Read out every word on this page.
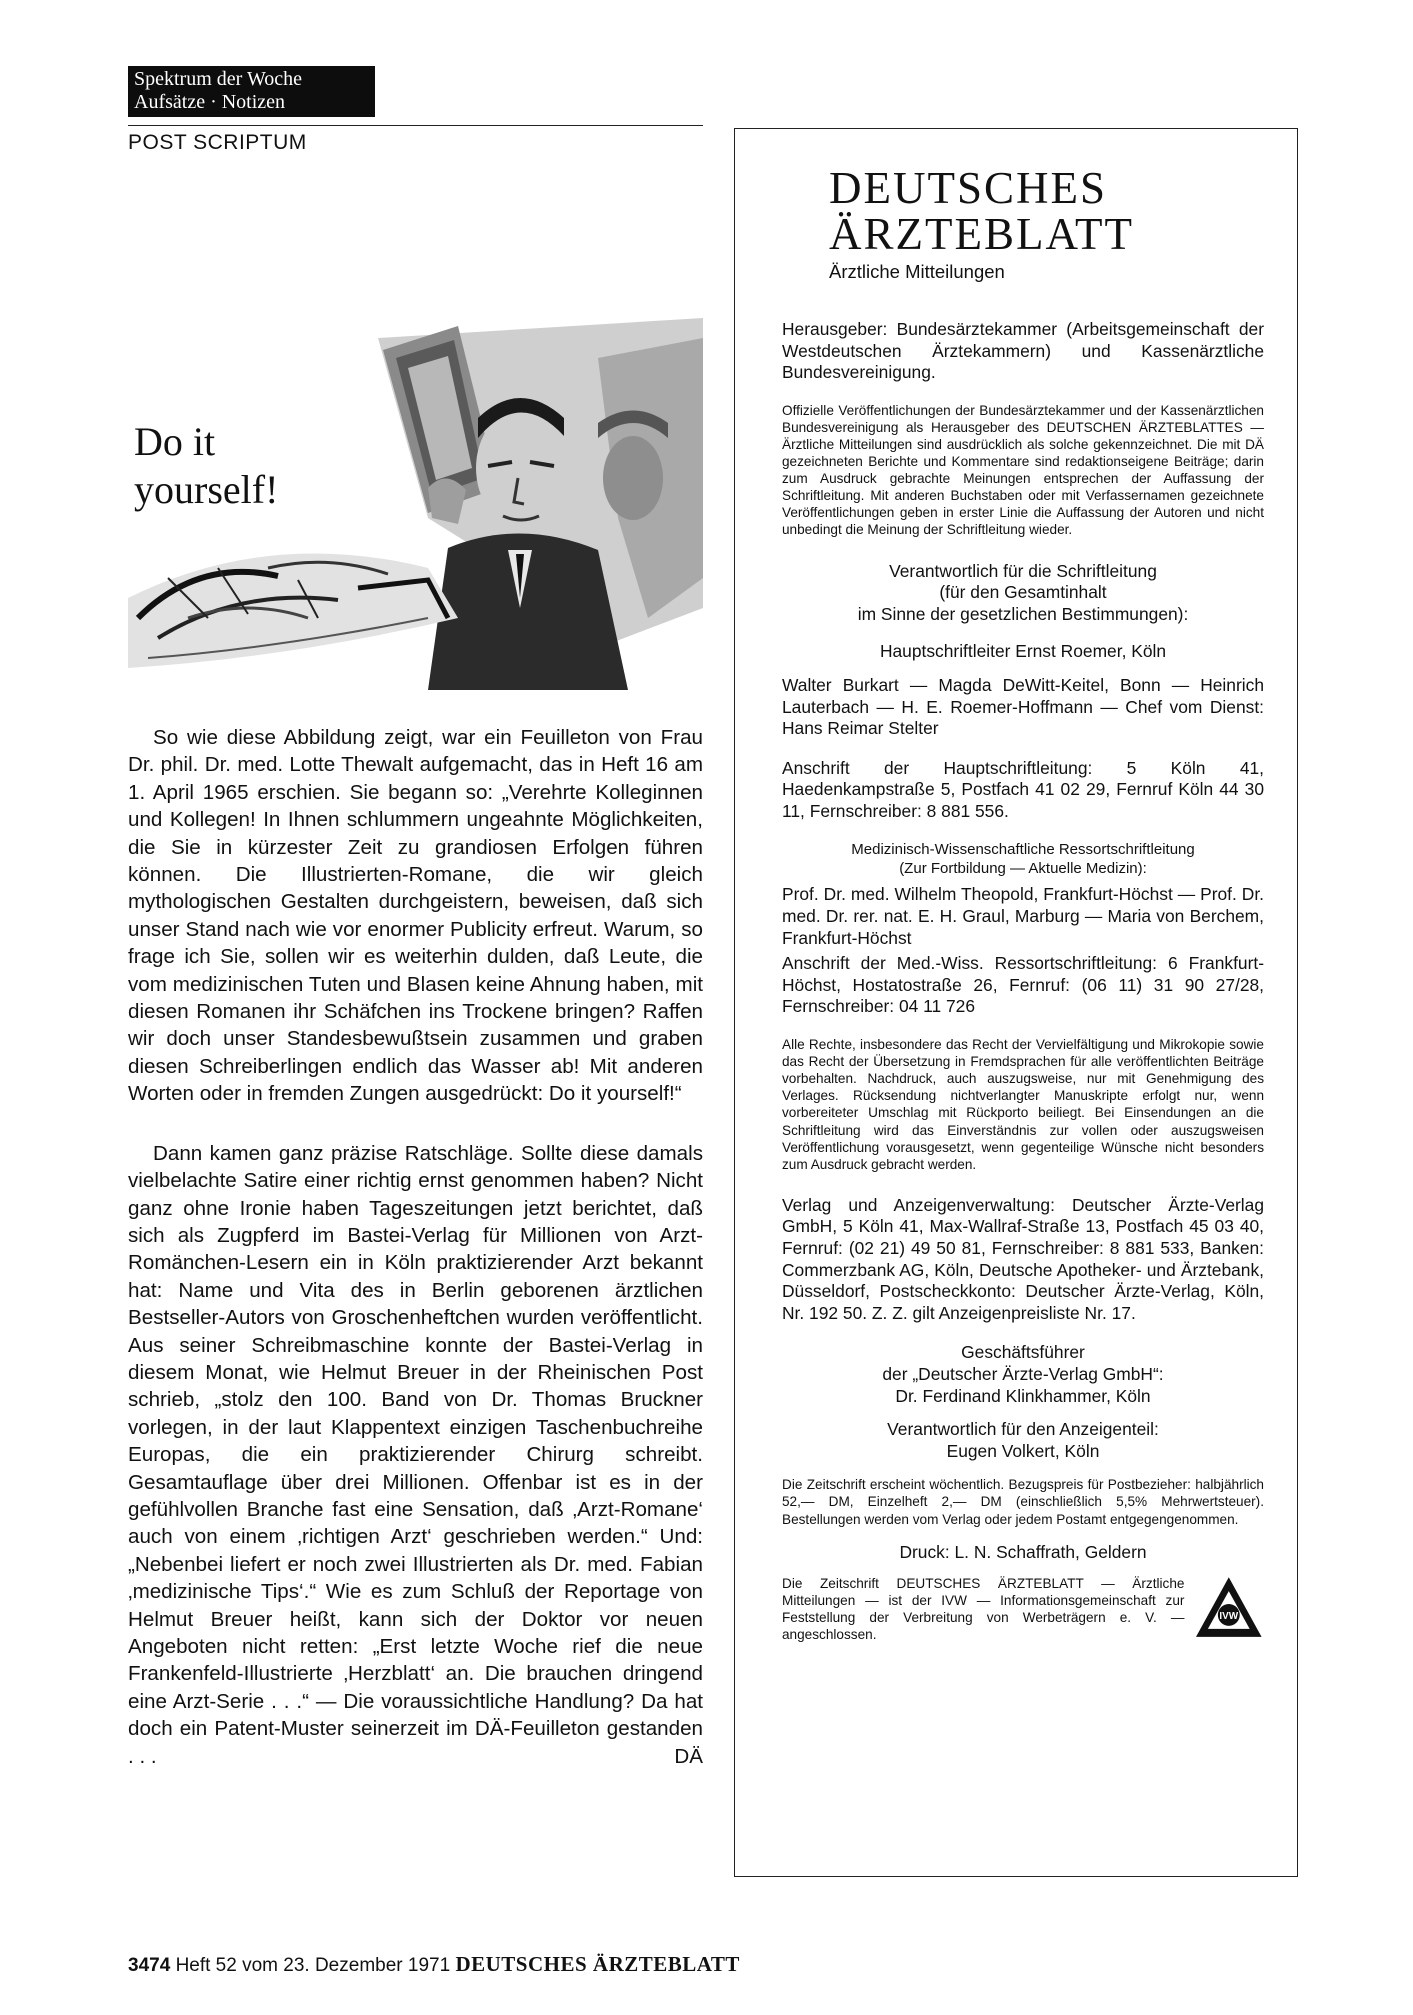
Spektrum der Woche
Aufsätze · Notizen
POST SCRIPTUM
Do it
yourself!

So wie diese Abbildung zeigt, war ein Feuilleton von Frau Dr. phil. Dr. med. Lotte Thewalt aufgemacht, das in Heft 16 am 1. April 1965 erschien. Sie begann so: „Verehrte Kolleginnen und Kollegen! In Ihnen schlummern ungeahnte Möglichkeiten, die Sie in kürzester Zeit zu grandiosen Erfolgen führen können. Die Illustrierten-Romane, die wir gleich mythologischen Gestalten durchgeistern, beweisen, daß sich unser Stand nach wie vor enormer Publicity erfreut. Warum, so frage ich Sie, sollen wir es weiterhin dulden, daß Leute, die vom medizinischen Tuten und Blasen keine Ahnung haben, mit diesen Romanen ihr Schäfchen ins Trockene bringen? Raffen wir doch unser Standesbewußtsein zusammen und graben diesen Schreiberlingen endlich das Wasser ab! Mit anderen Worten oder in fremden Zungen ausgedrückt: Do it yourself!“

Dann kamen ganz präzise Ratschläge. Sollte diese damals vielbelachte Satire einer richtig ernst genommen haben? Nicht ganz ohne Ironie haben Tageszeitungen jetzt berichtet, daß sich als Zugpferd im Bastei-Verlag für Millionen von Arzt-Romänchen-Lesern ein in Köln praktizierender Arzt bekannt hat: Name und Vita des in Berlin geborenen ärztlichen Bestseller-Autors von Groschenheftchen wurden veröffentlicht. Aus seiner Schreibmaschine konnte der Bastei-Verlag in diesem Monat, wie Helmut Breuer in der Rheinischen Post schrieb, „stolz den 100. Band von Dr. Thomas Bruckner vorlegen, in der laut Klappentext einzigen Taschenbuchreihe Europas, die ein praktizierender Chirurg schreibt. Gesamtauflage über drei Millionen. Offenbar ist es in der gefühlvollen Branche fast eine Sensation, daß ‚Arzt-Romane‘ auch von einem ‚richtigen Arzt‘ geschrieben werden.“ Und: „Nebenbei liefert er noch zwei Illustrierten als Dr. med. Fabian ‚medizinische Tips‘.“ Wie es zum Schluß der Reportage von Helmut Breuer heißt, kann sich der Doktor vor neuen Angeboten nicht retten: „Erst letzte Woche rief die neue Frankenfeld-Illustrierte ‚Herzblatt‘ an. Die brauchen dringend eine Arzt-Serie . . .“ — Die voraussichtliche Handlung? Da hat doch ein Patent-Muster seinerzeit im DÄ-Feuilleton gestanden . . .	DÄ

DEUTSCHES
ÄRZTEBLATT
Ärztliche Mitteilungen

Herausgeber: Bundesärztekammer (Arbeitsgemeinschaft der Westdeutschen Ärztekammern) und Kassenärztliche Bundesvereinigung.

Offizielle Veröffentlichungen der Bundesärztekammer und der Kassenärztlichen Bundesvereinigung als Herausgeber des DEUTSCHEN ÄRZTEBLATTES — Ärztliche Mitteilungen sind ausdrücklich als solche gekennzeichnet. Die mit DÄ gezeichneten Berichte und Kommentare sind redaktionseigene Beiträge; darin zum Ausdruck gebrachte Meinungen entsprechen der Auffassung der Schriftleitung. Mit anderen Buchstaben oder mit Verfassernamen gezeichnete Veröffentlichungen geben in erster Linie die Auffassung der Autoren und nicht unbedingt die Meinung der Schriftleitung wieder.

Verantwortlich für die Schriftleitung
(für den Gesamtinhalt
im Sinne der gesetzlichen Bestimmungen):

Hauptschriftleiter Ernst Roemer, Köln

Walter Burkart — Magda DeWitt-Keitel, Bonn — Heinrich Lauterbach — H. E. Roemer-Hoffmann — Chef vom Dienst: Hans Reimar Stelter

Anschrift der Hauptschriftleitung: 5 Köln 41, Haedenkampstraße 5, Postfach 41 02 29, Fernruf Köln 44 30 11, Fernschreiber: 8 881 556.

Medizinisch-Wissenschaftliche Ressortschriftleitung
(Zur Fortbildung — Aktuelle Medizin):

Prof. Dr. med. Wilhelm Theopold, Frankfurt-Höchst — Prof. Dr. med. Dr. rer. nat. E. H. Graul, Marburg — Maria von Berchem, Frankfurt-Höchst

Anschrift der Med.-Wiss. Ressortschriftleitung: 6 Frankfurt-Höchst, Hostatostraße 26, Fernruf: (06 11) 31 90 27/28, Fernschreiber: 04 11 726

Alle Rechte, insbesondere das Recht der Vervielfältigung und Mikrokopie sowie das Recht der Übersetzung in Fremdsprachen für alle veröffentlichten Beiträge vorbehalten. Nachdruck, auch auszugsweise, nur mit Genehmigung des Verlages. Rücksendung nichtverlangter Manuskripte erfolgt nur, wenn vorbereiteter Umschlag mit Rückporto beiliegt. Bei Einsendungen an die Schriftleitung wird das Einverständnis zur vollen oder auszugsweisen Veröffentlichung vorausgesetzt, wenn gegenteilige Wünsche nicht besonders zum Ausdruck gebracht werden.

Verlag und Anzeigenverwaltung: Deutscher Ärzte-Verlag GmbH, 5 Köln 41, Max-Wallraf-Straße 13, Postfach 45 03 40, Fernruf: (02 21) 49 50 81, Fernschreiber: 8 881 533, Banken: Commerzbank AG, Köln, Deutsche Apotheker- und Ärztebank, Düsseldorf, Postscheckkonto: Deutscher Ärzte-Verlag, Köln, Nr. 192 50. Z. Z. gilt Anzeigenpreisliste Nr. 17.

Geschäftsführer
der „Deutscher Ärzte-Verlag GmbH“:
Dr. Ferdinand Klinkhammer, Köln
Verantwortlich für den Anzeigenteil:
Eugen Volkert, Köln

Die Zeitschrift erscheint wöchentlich. Bezugspreis für Postbezieher: halbjährlich 52,— DM, Einzelheft 2,— DM (einschließlich 5,5% Mehrwertsteuer). Bestellungen werden vom Verlag oder jedem Postamt entgegengenommen.

Druck: L. N. Schaffrath, Geldern

Die Zeitschrift DEUTSCHES ÄRZTEBLATT — Ärztliche Mitteilungen — ist der IVW — Informationsgemeinschaft zur Feststellung der Verbreitung von Werbeträgern e. V. — angeschlossen.

IVW
3474 Heft 52 vom 23. Dezember 1971 DEUTSCHES ÄRZTEBLATT
